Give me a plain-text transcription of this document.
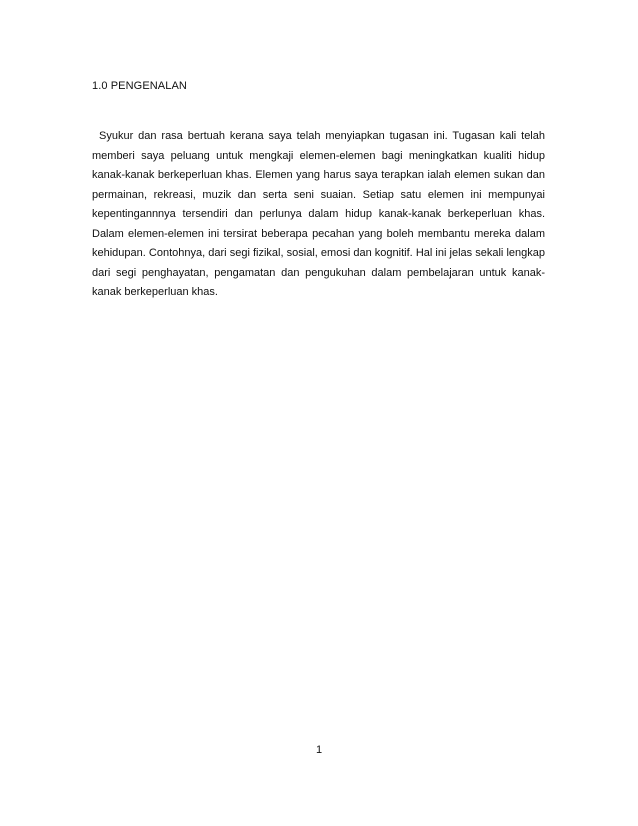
1.0 PENGENALAN

Syukur dan rasa bertuah kerana saya telah menyiapkan tugasan ini. Tugasan kali telah memberi saya peluang untuk mengkaji elemen-elemen bagi meningkatkan kualiti hidup kanak-kanak berkeperluan khas. Elemen yang harus saya terapkan ialah elemen sukan dan permainan, rekreasi, muzik dan serta seni suaian. Setiap satu elemen ini mempunyai kepentingannnya tersendiri dan perlunya dalam hidup kanak-kanak berkeperluan khas. Dalam elemen-elemen ini tersirat beberapa pecahan yang boleh membantu mereka dalam kehidupan. Contohnya, dari segi fizikal, sosial, emosi dan kognitif. Hal ini jelas sekali lengkap dari segi penghayatan, pengamatan dan pengukuhan dalam pembelajaran untuk kanak-kanak berkeperluan khas.

1
